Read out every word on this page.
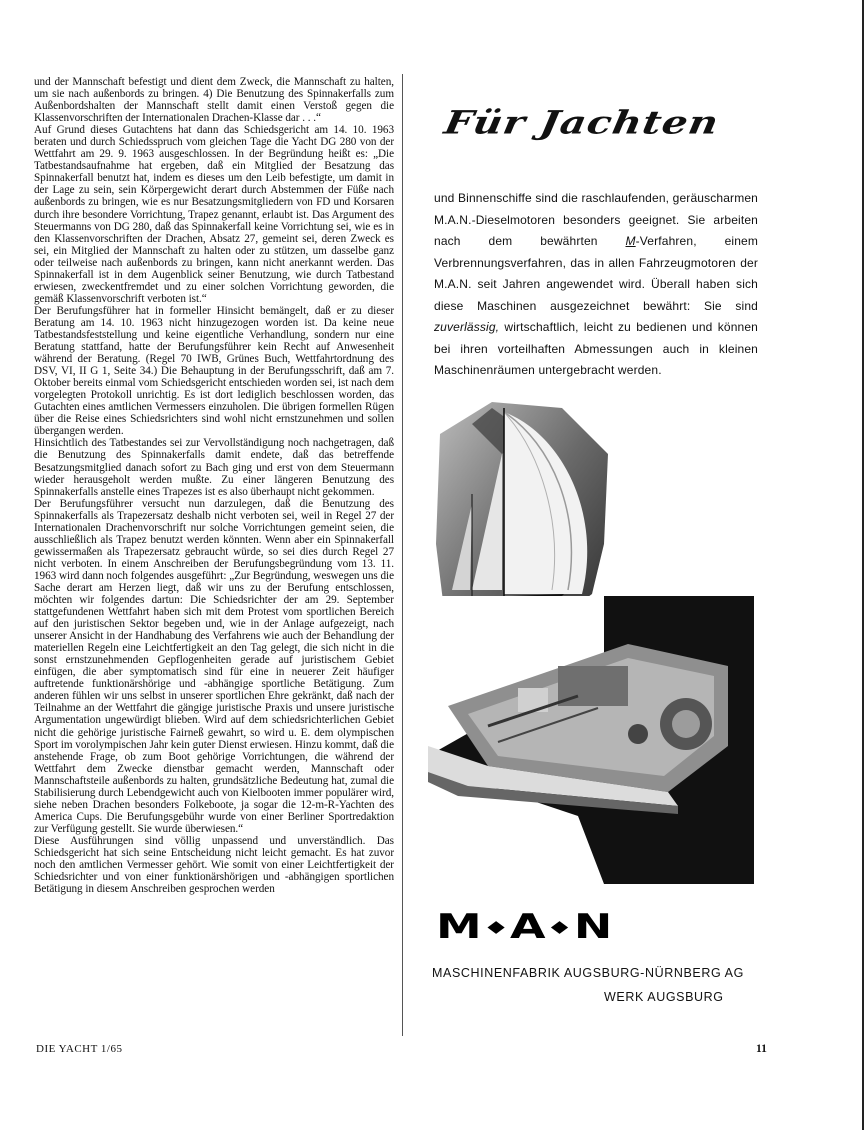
und der Mannschaft befestigt und dient dem Zweck, die Mannschaft zu halten, um sie nach außenbords zu bringen. 4) Die Benutzung des Spinnakerfalls zum Außenbordshalten der Mannschaft stellt damit einen Verstoß gegen die Klassenvorschriften der Internationalen Drachen-Klasse dar . . .“

Auf Grund dieses Gutachtens hat dann das Schiedsgericht am 14. 10. 1963 beraten und durch Schiedsspruch vom gleichen Tage die Yacht DG 280 von der Wettfahrt am 29. 9. 1963 ausgeschlossen. In der Begründung heißt es: „Die Tatbestandsaufnahme hat ergeben, daß ein Mitglied der Besatzung das Spinnakerfall benutzt hat, indem es dieses um den Leib befestigte, um damit in der Lage zu sein, sein Körpergewicht derart durch Abstemmen der Füße nach außenbords zu bringen, wie es nur Besatzungsmitgliedern von FD und Korsaren durch ihre besondere Vorrichtung, Trapez genannt, erlaubt ist. Das Argument des Steuermanns von DG 280, daß das Spinnakerfall keine Vorrichtung sei, wie es in den Klassenvorschriften der Drachen, Absatz 27, gemeint sei, deren Zweck es sei, ein Mitglied der Mannschaft zu halten oder zu stützen, um dasselbe ganz oder teilweise nach außenbords zu bringen, kann nicht anerkannt werden. Das Spinnakerfall ist in dem Augenblick seiner Benutzung, wie durch Tatbestand erwiesen, zweckentfremdet und zu einer solchen Vorrichtung geworden, die gemäß Klassenvorschrift verboten ist.“

Der Berufungsführer hat in formeller Hinsicht bemängelt, daß er zu dieser Beratung am 14. 10. 1963 nicht hinzugezogen worden ist. Da keine neue Tatbestandsfeststellung und keine eigentliche Verhandlung, sondern nur eine Beratung stattfand, hatte der Berufungsführer kein Recht auf Anwesenheit während der Beratung. (Regel 70 IWB, Grünes Buch, Wettfahrtordnung des DSV, VI, II G 1, Seite 34.) Die Behauptung in der Berufungsschrift, daß am 7. Oktober bereits einmal vom Schiedsgericht entschieden worden sei, ist nach dem vorgelegten Protokoll unrichtig. Es ist dort lediglich beschlossen worden, das Gutachten eines amtlichen Vermessers einzuholen. Die übrigen formellen Rügen über die Reise eines Schiedsrichters sind wohl nicht ernstzunehmen und sollen übergangen werden.

Hinsichtlich des Tatbestandes sei zur Vervollständigung noch nachgetragen, daß die Benutzung des Spinnakerfalls damit endete, daß das betreffende Besatzungsmitglied danach sofort zu Bach ging und erst von dem Steuermann wieder herausgeholt werden mußte. Zu einer längeren Benutzung des Spinnakerfalls anstelle eines Trapezes ist es also überhaupt nicht gekommen.

Der Berufungsführer versucht nun darzulegen, daß die Benutzung des Spinnakerfalls als Trapezersatz deshalb nicht verboten sei, weil in Regel 27 der Internationalen Drachenvorschrift nur solche Vorrichtungen gemeint seien, die ausschließlich als Trapez benutzt werden könnten. Wenn aber ein Spinnakerfall gewissermaßen als Trapezersatz gebraucht würde, so sei dies durch Regel 27 nicht verboten. In einem Anschreiben der Berufungsbegründung vom 13. 11. 1963 wird dann noch folgendes ausgeführt: „Zur Begründung, weswegen uns die Sache derart am Herzen liegt, daß wir uns zu der Berufung entschlossen, möchten wir folgendes dartun: Die Schiedsrichter der am 29. September stattgefundenen Wettfahrt haben sich mit dem Protest vom sportlichen Bereich auf den juristischen Sektor begeben und, wie in der Anlage aufgezeigt, nach unserer Ansicht in der Handhabung des Verfahrens wie auch der Behandlung der materiellen Regeln eine Leichtfertigkeit an den Tag gelegt, die sich nicht in die sonst ernstzunehmenden Gepflogenheiten gerade auf juristischem Gebiet einfügen, die aber symptomatisch sind für eine in neuerer Zeit häufiger auftretende funktionärshörige und -abhängige sportliche Betätigung. Zum anderen fühlen wir uns selbst in unserer sportlichen Ehre gekränkt, daß nach der Teilnahme an der Wettfahrt die gängige juristische Praxis und unsere juristische Argumentation ungewürdigt blieben. Wird auf dem schiedsrichterlichen Gebiet nicht die gehörige juristische Fairneß gewahrt, so wird u. E. dem olympischen Sport im vorolympischen Jahr kein guter Dienst erwiesen. Hinzu kommt, daß die anstehende Frage, ob zum Boot gehörige Vorrichtungen, die während der Wettfahrt dem Zwecke dienstbar gemacht werden, Mannschaft oder Mannschaftsteile außenbords zu halten, grundsätzliche Bedeutung hat, zumal die Stabilisierung durch Lebendgewicht auch von Kielbooten immer populärer wird, siehe neben Drachen besonders Folkeboote, ja sogar die 12-m-R-Yachten des America Cups. Die Berufungsgebühr wurde von einer Berliner Sportredaktion zur Verfügung gestellt. Sie wurde überwiesen.“

Diese Ausführungen sind völlig unpassend und unverständlich. Das Schiedsgericht hat sich seine Entscheidung nicht leicht gemacht. Es hat zuvor noch den amtlichen Vermesser gehört. Wie somit von einer Leichtfertigkeit der Schiedsrichter und von einer funktionärshörigen und -abhängigen sportlichen Betätigung in diesem Anschreiben gesprochen werden

Für Jachten
und Binnenschiffe sind die raschlaufenden, geräuscharmen M.A.N.-Dieselmotoren besonders geeignet. Sie arbeiten nach dem bewährten M-Verfahren, einem Verbrennungsverfahren, das in allen Fahrzeugmotoren der M.A.N. seit Jahren angewendet wird. Überall haben sich diese Maschinen ausgezeichnet bewährt: Sie sind zuverlässig, wirtschaftlich, leicht zu bedienen und können bei ihren vorteilhaften Abmessungen auch in kleinen Maschinenräumen untergebracht werden.
M A N
MASCHINENFABRIK AUGSBURG-NÜRNBERG AG
WERK AUGSBURG
DIE YACHT 1/65	11
